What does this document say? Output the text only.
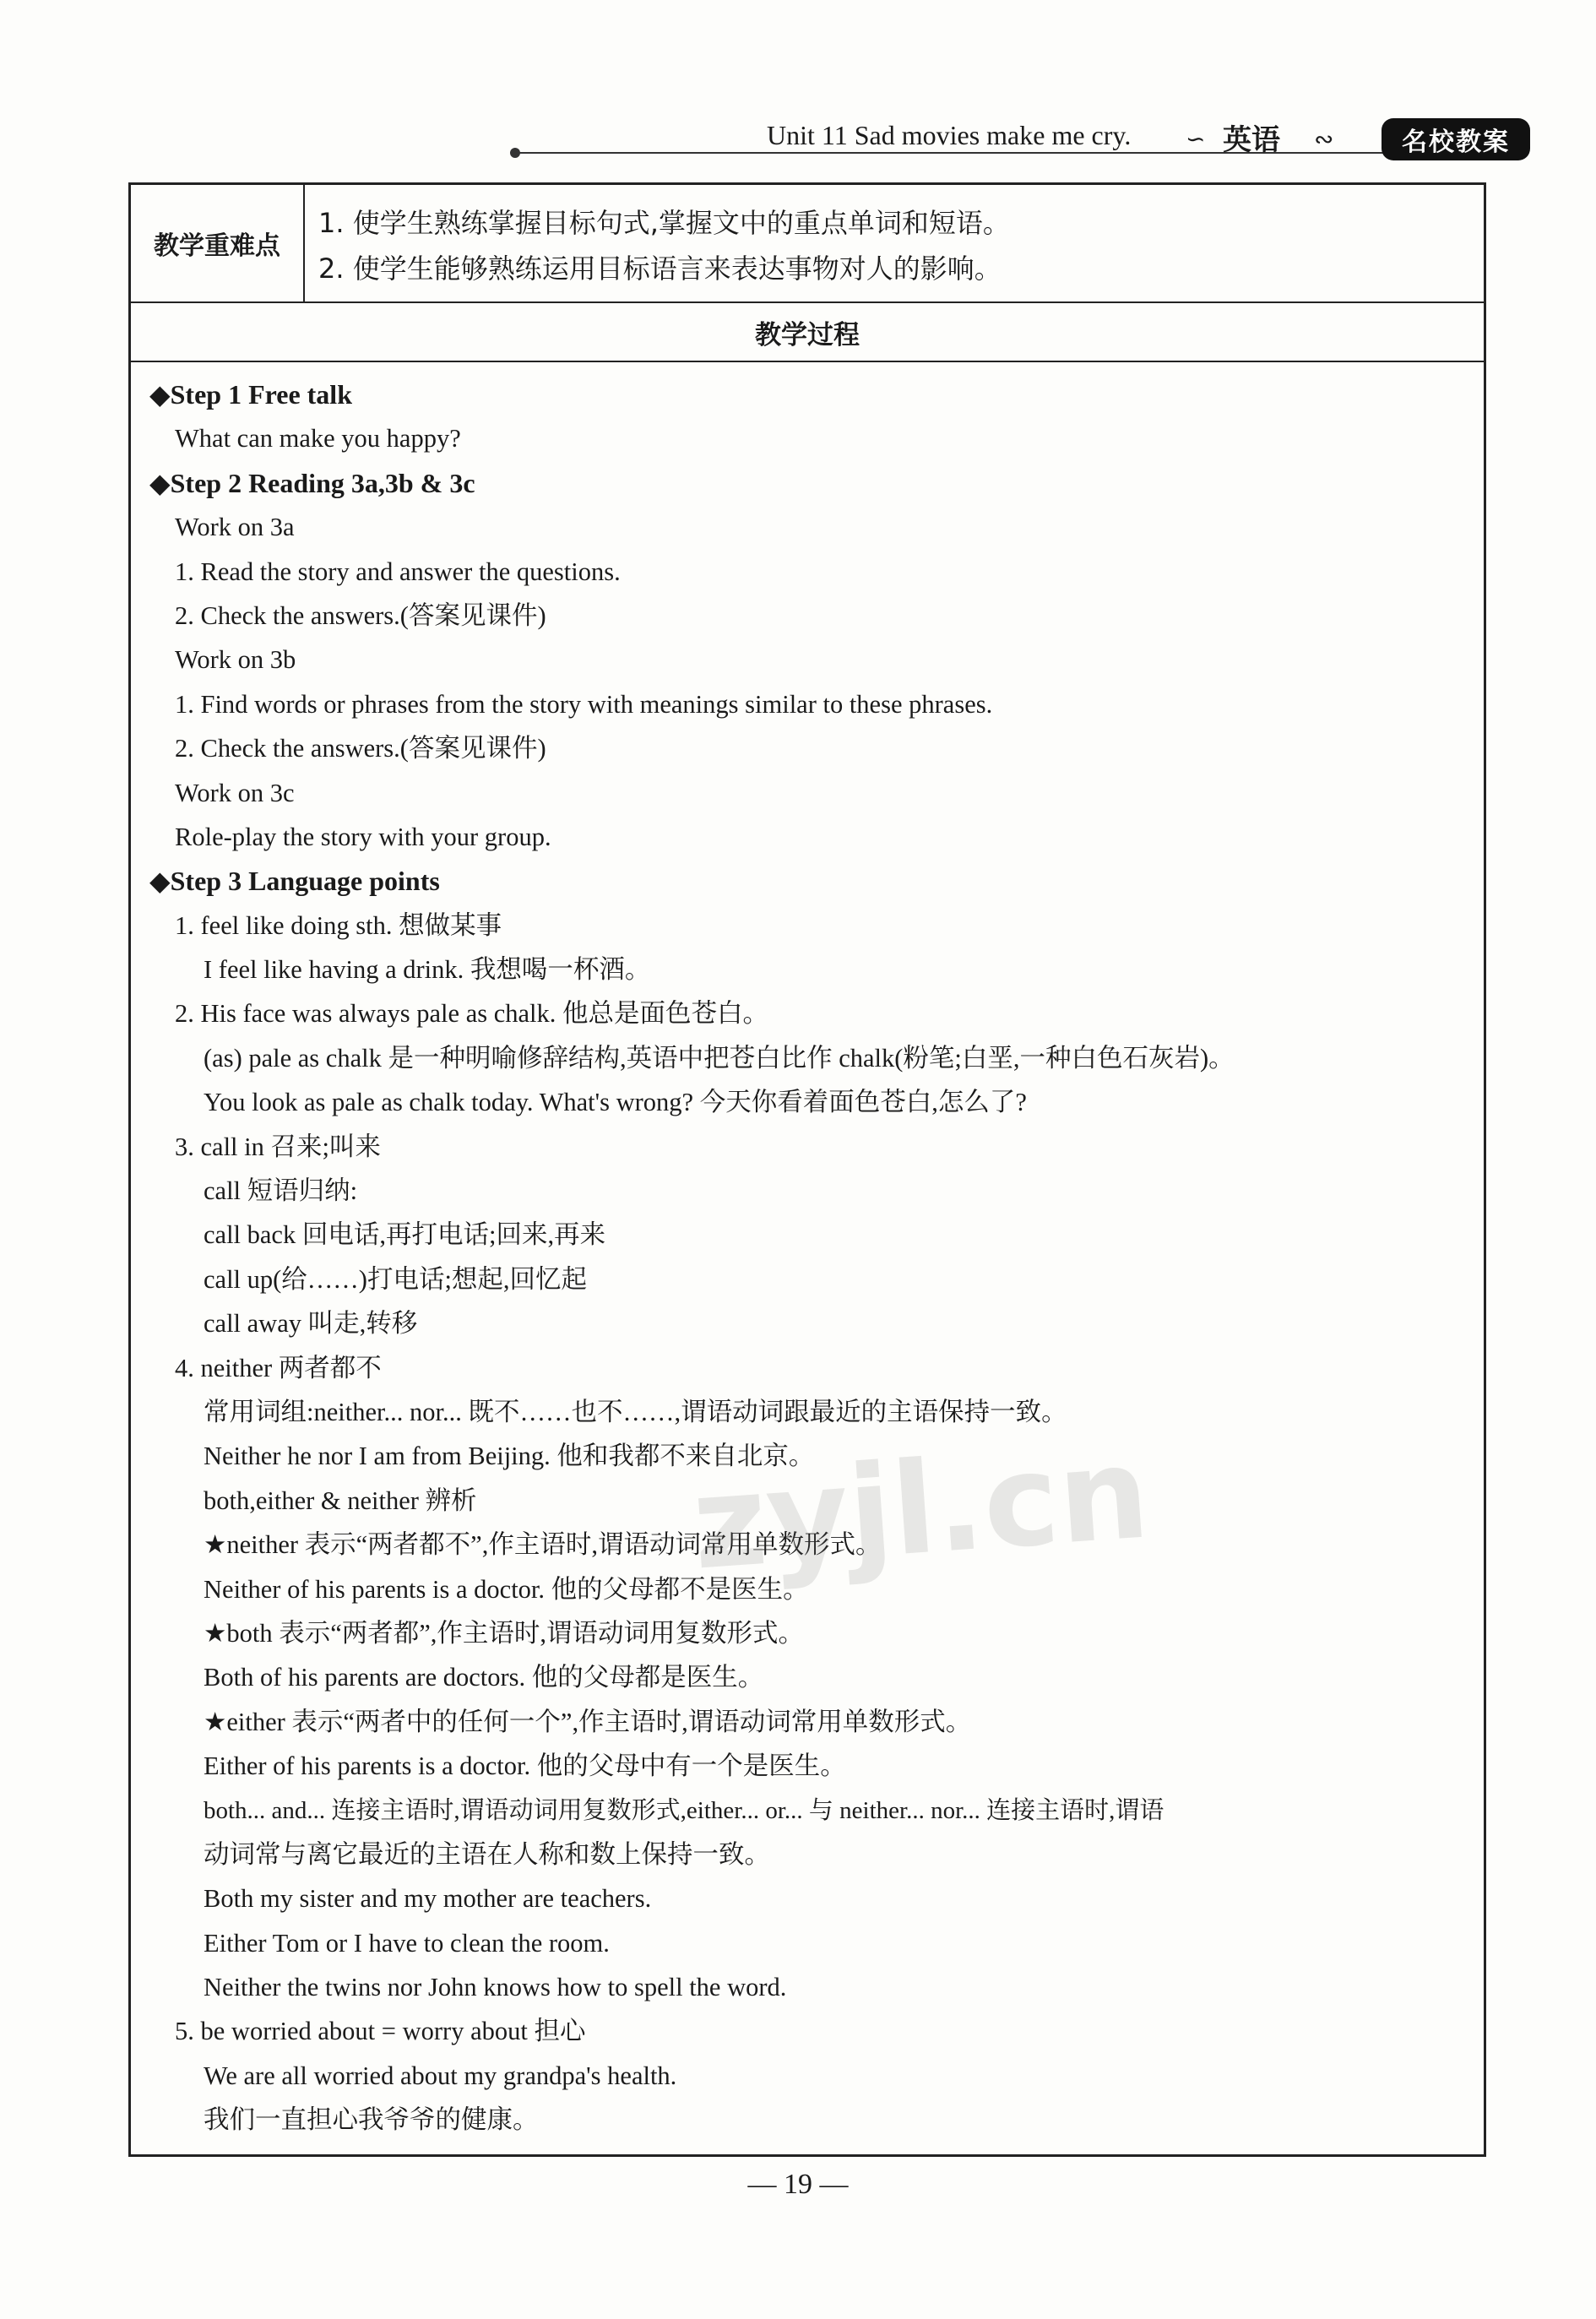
Unit 11 Sad movies make me cry. ∽ 英语 ∾	名校教案
教学重难点
1. 使学生熟练掌握目标句式,掌握文中的重点单词和短语。
2. 使学生能够熟练运用目标语言来表达事物对人的影响。
教学过程
◆Step 1 Free talk
What can make you happy?
◆Step 2 Reading 3a,3b & 3c
Work on 3a
1. Read the story and answer the questions.
2. Check the answers.(答案见课件)
Work on 3b
1. Find words or phrases from the story with meanings similar to these phrases.
2. Check the answers.(答案见课件)
Work on 3c
Role-play the story with your group.
◆Step 3 Language points
1. feel like doing sth. 想做某事
I feel like having a drink. 我想喝一杯酒。
2. His face was always pale as chalk. 他总是面色苍白。
(as) pale as chalk 是一种明喻修辞结构,英语中把苍白比作 chalk(粉笔;白垩,一种白色石灰岩)。
You look as pale as chalk today. What's wrong? 今天你看着面色苍白,怎么了?
3. call in 召来;叫来
call 短语归纳:
call back 回电话,再打电话;回来,再来
call up(给……)打电话;想起,回忆起
call away 叫走,转移
4. neither 两者都不
常用词组:neither... nor... 既不……也不……,谓语动词跟最近的主语保持一致。
Neither he nor I am from Beijing. 他和我都不来自北京。
both,either & neither 辨析
★neither 表示“两者都不”,作主语时,谓语动词常用单数形式。
Neither of his parents is a doctor. 他的父母都不是医生。
★both 表示“两者都”,作主语时,谓语动词用复数形式。
Both of his parents are doctors. 他的父母都是医生。
★either 表示“两者中的任何一个”,作主语时,谓语动词常用单数形式。
Either of his parents is a doctor. 他的父母中有一个是医生。
both... and... 连接主语时,谓语动词用复数形式,either... or... 与 neither... nor... 连接主语时,谓语
动词常与离它最近的主语在人称和数上保持一致。
Both my sister and my mother are teachers.
Either Tom or I have to clean the room.
Neither the twins nor John knows how to spell the word.
5. be worried about = worry about 担心
We are all worried about my grandpa's health.
我们一直担心我爷爷的健康。
zyjl.cn
— 19 —
